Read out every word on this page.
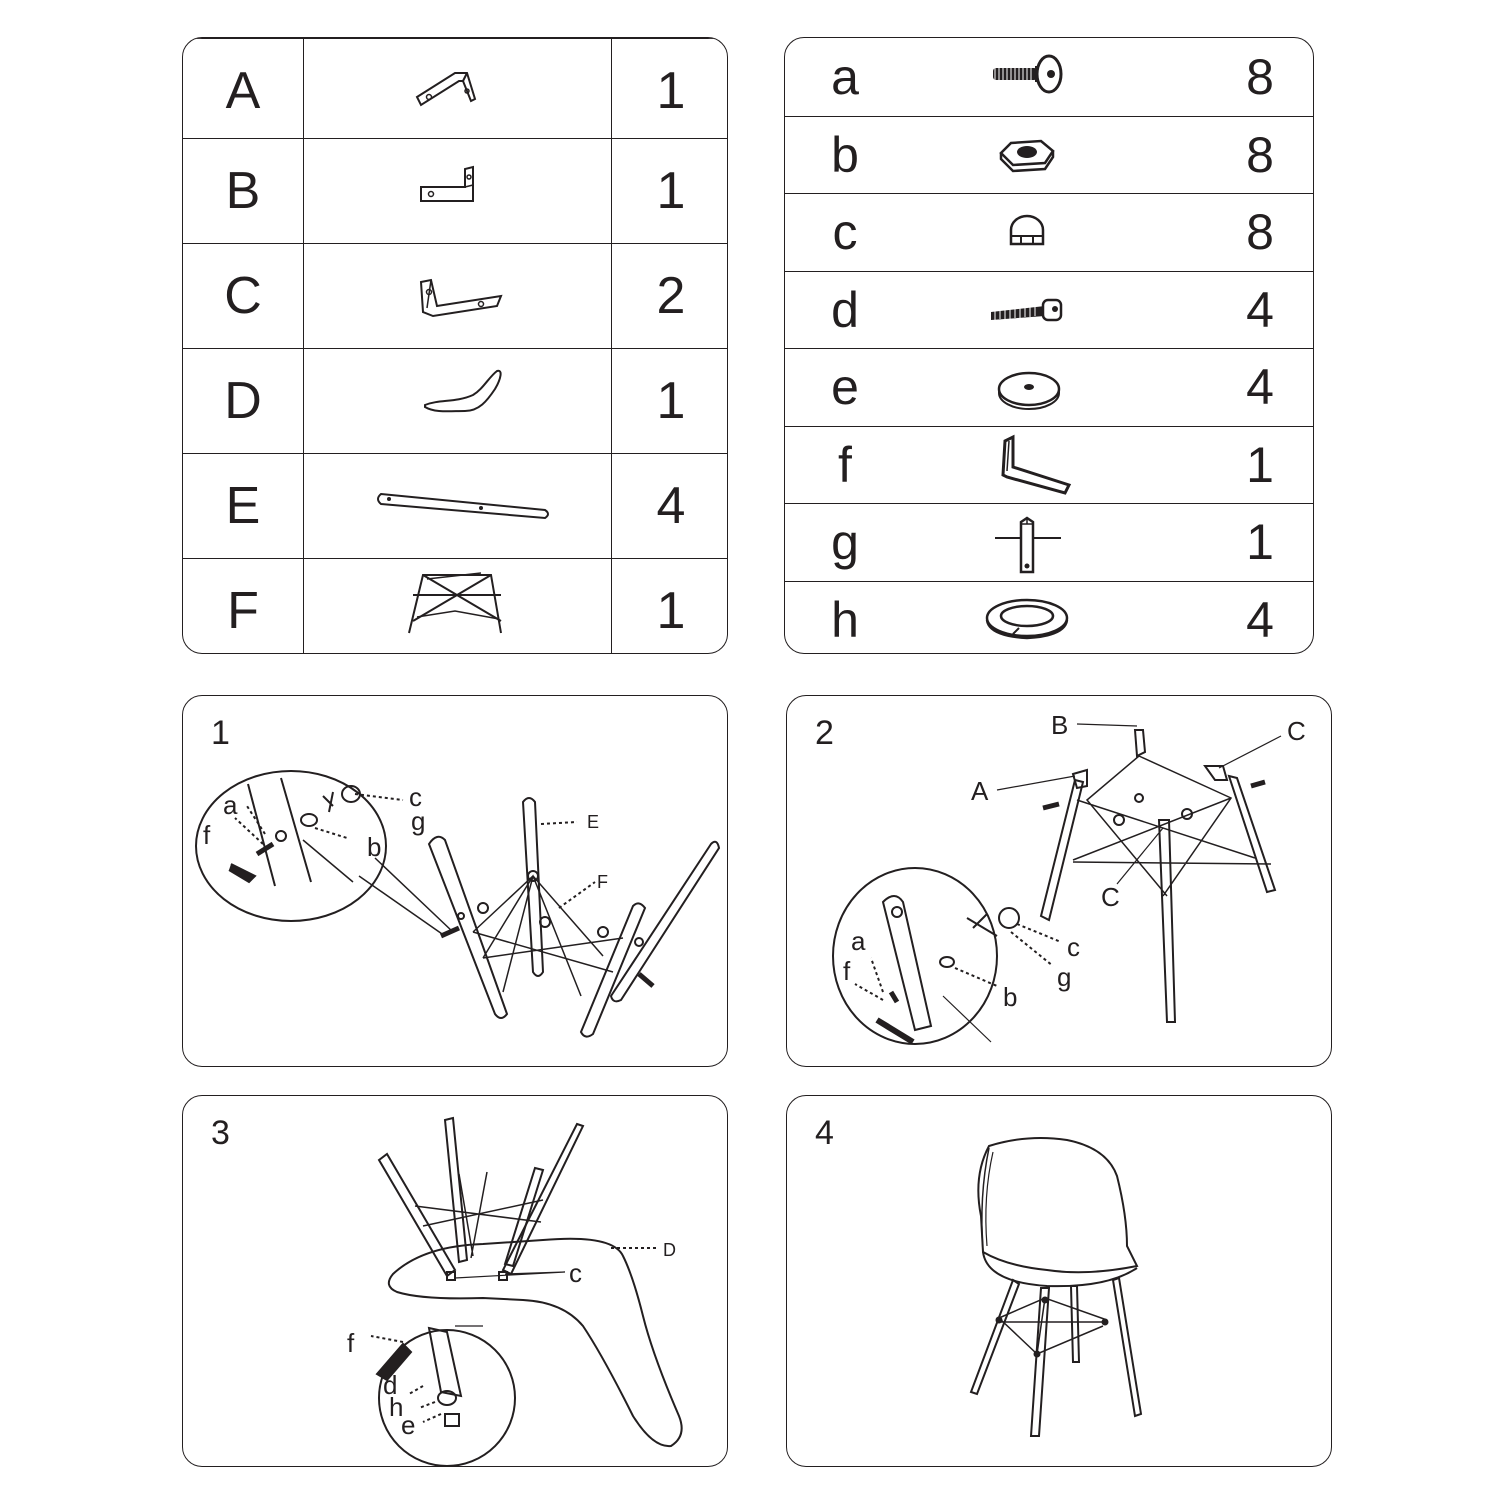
A	1
B	1
C	2
D	1
E	4
F	1
a	8
b	8
c	8
d	4
e	4
f	1
g	1
h	4
1
E
F
c
g
b
a
f
2	B
A
C
C
a
f
c
g
b
3
D
c
f
d
h
e
4
